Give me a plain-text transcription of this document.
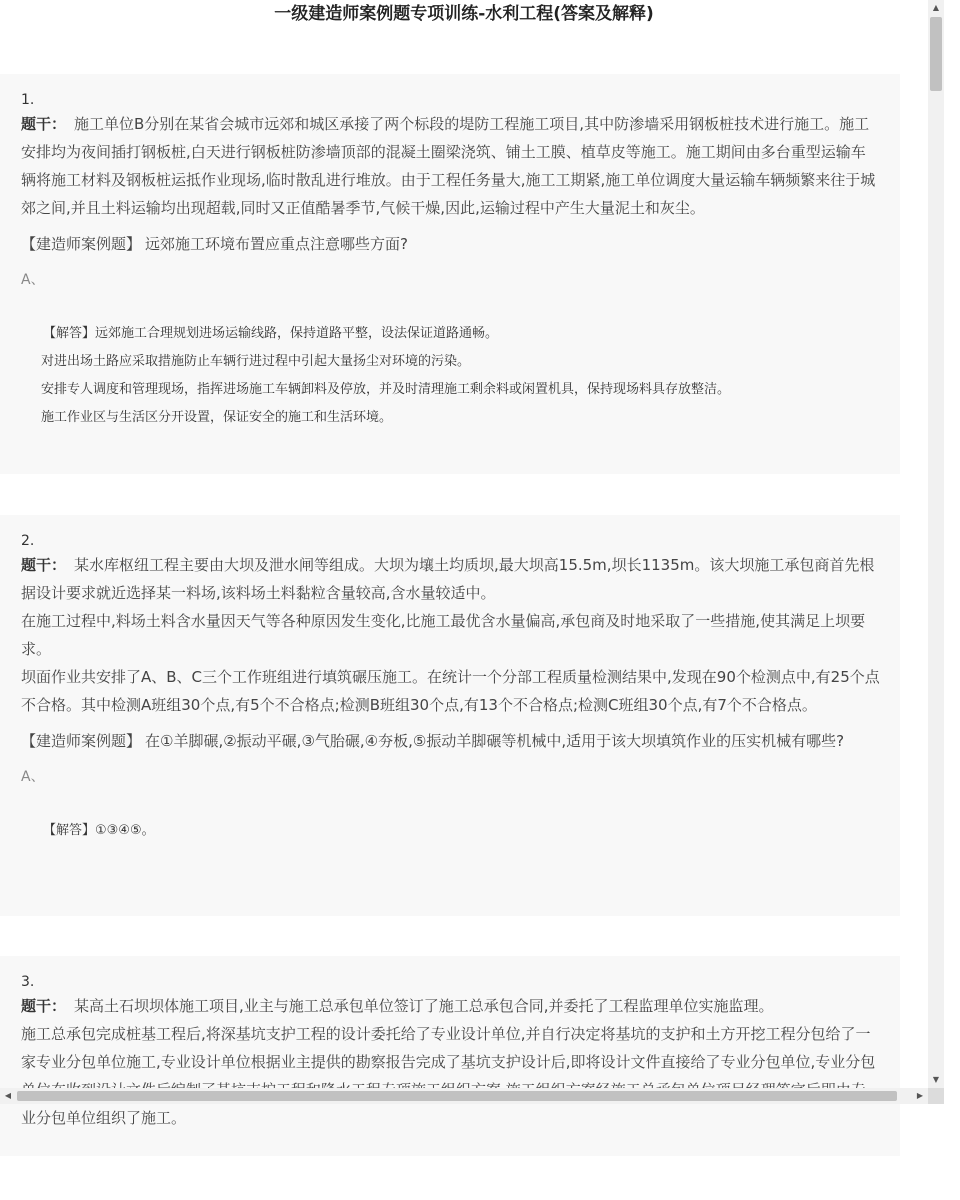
一级建造师案例题专项训练-水利工程(答案及解释)
1.

题干： 施工单位B分别在某省会城市远郊和城区承接了两个标段的堤防工程施工项目,其中防渗墙采用钢板桩技术进行施工。施工安排均为夜间插打钢板桩,白天进行钢板桩防渗墙顶部的混凝土圈梁浇筑、铺土工膜、植草皮等施工。施工期间由多台重型运输车辆将施工材料及钢板桩运抵作业现场,临时散乱进行堆放。由于工程任务量大,施工工期紧,施工单位调度大量运输车辆频繁来往于城郊之间,并且土料运输均出现超载,同时又正值酷暑季节,气候干燥,因此,运输过程中产生大量泥土和灰尘。

【建造师案例题】 远郊施工环境布置应重点注意哪些方面?

A、

【解答】远郊施工合理规划进场运输线路，保持道路平整，设法保证道路通畅。
对进出场土路应采取措施防止车辆行进过程中引起大量扬尘对环境的污染。
安排专人调度和管理现场，指挥进场施工车辆卸料及停放，并及时清理施工剩余料或闲置机具，保持现场料具存放整洁。
施工作业区与生活区分开设置，保证安全的施工和生活环境。
2.

题干： 某水库枢纽工程主要由大坝及泄水闸等组成。大坝为壤土均质坝,最大坝高15.5m,坝长1135m。该大坝施工承包商首先根据设计要求就近选择某一料场,该料场土料黏粒含量较高,含水量较适中。

在施工过程中,料场土料含水量因天气等各种原因发生变化,比施工最优含水量偏高,承包商及时地采取了一些措施,使其满足上坝要求。

坝面作业共安排了A、B、C三个工作班组进行填筑碾压施工。在统计一个分部工程质量检测结果中,发现在90个检测点中,有25个点不合格。其中检测A班组30个点,有5个不合格点;检测B班组30个点,有13个不合格点;检测C班组30个点,有7个不合格点。

【建造师案例题】 在①羊脚碾,②振动平碾,③气胎碾,④夯板,⑤振动羊脚碾等机械中,适用于该大坝填筑作业的压实机械有哪些?

A、

【解答】①③④⑤。
3.

题干： 某高土石坝坝体施工项目,业主与施工总承包单位签订了施工总承包合同,并委托了工程监理单位实施监理。

施工总承包完成桩基工程后,将深基坑支护工程的设计委托给了专业设计单位,并自行决定将基坑的支护和土方开挖工程分包给了一家专业分包单位施工,专业设计单位根据业主提供的勘察报告完成了基坑支护设计后,即将设计文件直接给了专业分包单位,专业分包 业分包单位组织了施工。

▲
▼
◀	▶
